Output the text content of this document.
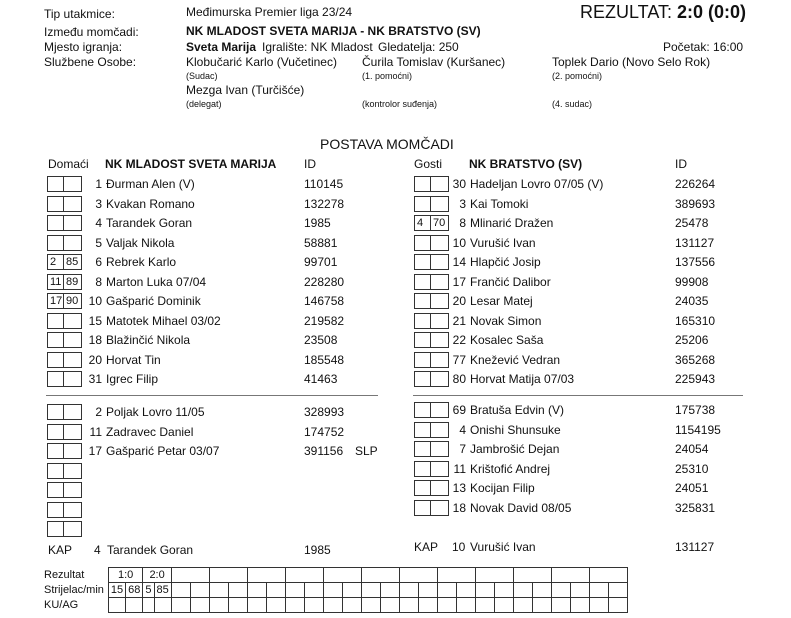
Tip utakmice:	Međimurska Premier liga 23/24	REZULTAT: 2:0 (0:0)
Između momčadi:	NK MLADOST SVETA MARIJA - NK BRATSTVO (SV)
Mjesto igranja:	Sveta Marija Igralište: NK Mladost Gledatelja: 250	Početak: 16:00
Službene Osobe:	Klobučarić Karlo (Vučetinec)
(Sudac)
Čurila Tomislav (Kuršanec)
(1. pomoćni)
Toplek Dario (Novo Selo Rok)
(2. pomoćni)
Mezga Ivan (Turčišće)
(delegat)	(kontrolor suđenja)	(4. sudac)
POSTAVA MOMČADI
Domaći NK MLADOST SVETA MARIJA ID	Gosti NK BRATSTVO (SV)	ID
1 Đurman Alen (V)	110145
3 Kvakan Romano	132278
4 Tarandek Goran	1985
5 Valjak Nikola	58881
2 85	6 Rebrek Karlo	99701
11 89	8 Marton Luka 07/04	228280
17 90 10 Gašparić Dominik	146758
15 Matotek Mihael 03/02	219582
18 Blažinčić Nikola	23508
20 Horvat Tin	185548
31 Igrec Filip	41463
30 Hadeljan Lovro 07/05 (V)	226264
3 Kai Tomoki	389693
4 70	8 Mlinarić Dražen	25478
10 Vurušić Ivan	131127
14 Hlapčić Josip	137556
17 Frančić Dalibor	99908
20 Lesar Matej	24035
21 Novak Simon	165310
22 Kosalec Saša	25206
77 Knežević Vedran	365268
80 Horvat Matija 07/03	225943
2 Poljak Lovro 11/05	328993
11 Zadravec Daniel	174752
17 Gašparić Petar 03/07	391156 SLP
69 Bratuša Edvin (V)	175738
4 Onishi Shunsuke	1154195
7 Jambrošić Dejan	24054
11 Krištofić Andrej	25310
13 Kocijan Filip	24051
18 Novak David 08/05	325831
KAP 4 Tarandek Goran	1985	KAP 10 Vurušić Ivan	131127
Rezultat	1:0		2:0																									
Strijelac/min	15	68	5	85																								
KU/AG																												
